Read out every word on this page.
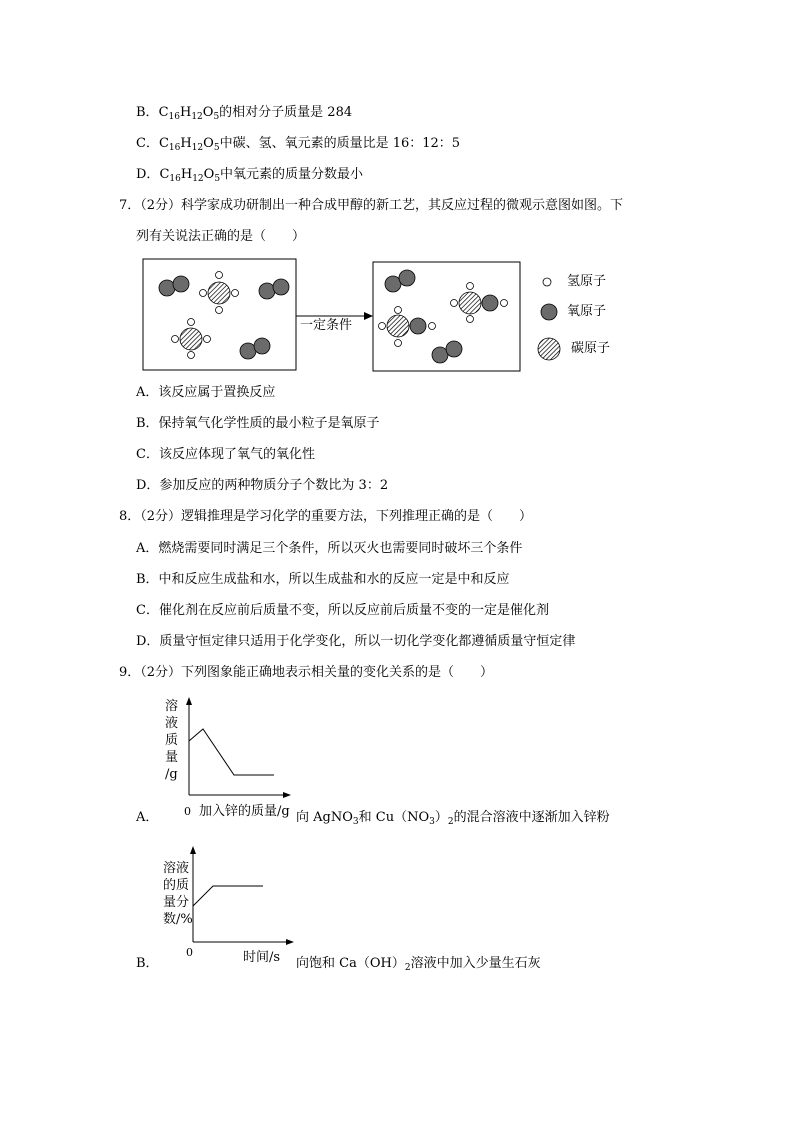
B．$C_{16}H_{12}O_5$的相对分子质量是 284
C．$C_{16}H_{12}O_5$中碳、氢、氧元素的质量比是 16：12：5
D．$C_{16}H_{12}O_5$中氧元素的质量分数最小
7．（2分）科学家成功研制出一种合成甲醇的新工艺，其反应过程的微观示意图如图。下
列有关说法正确的是（　　）
一定条件
氢原子
氧原子
碳原子
A．该反应属于置换反应
B．保持氧气化学性质的最小粒子是氧原子
C．该反应体现了氧气的氧化性
D．参加反应的两种物质分子个数比为 3：2
8．（2分）逻辑推理是学习化学的重要方法，下列推理正确的是（　　）
A．燃烧需要同时满足三个条件，所以灭火也需要同时破坏三个条件
B．中和反应生成盐和水，所以生成盐和水的反应一定是中和反应
C．催化剂在反应前后质量不变，所以反应前后质量不变的一定是催化剂
D．质量守恒定律只适用于化学变化，所以一切化学变化都遵循质量守恒定律
9．（2分）下列图象能正确地表示相关量的变化关系的是（　　）
溶
液
质
量
/g
0 加入锌的质量/g
A．	向 AgNO$_3$和 $Cu(NO_3)_2$的混合溶液中逐渐加入锌粉
溶液
的质
量分
数/%
0	时间/s
B．	向饱和 $Ca(OH)_2$溶液中加入少量生石灰
